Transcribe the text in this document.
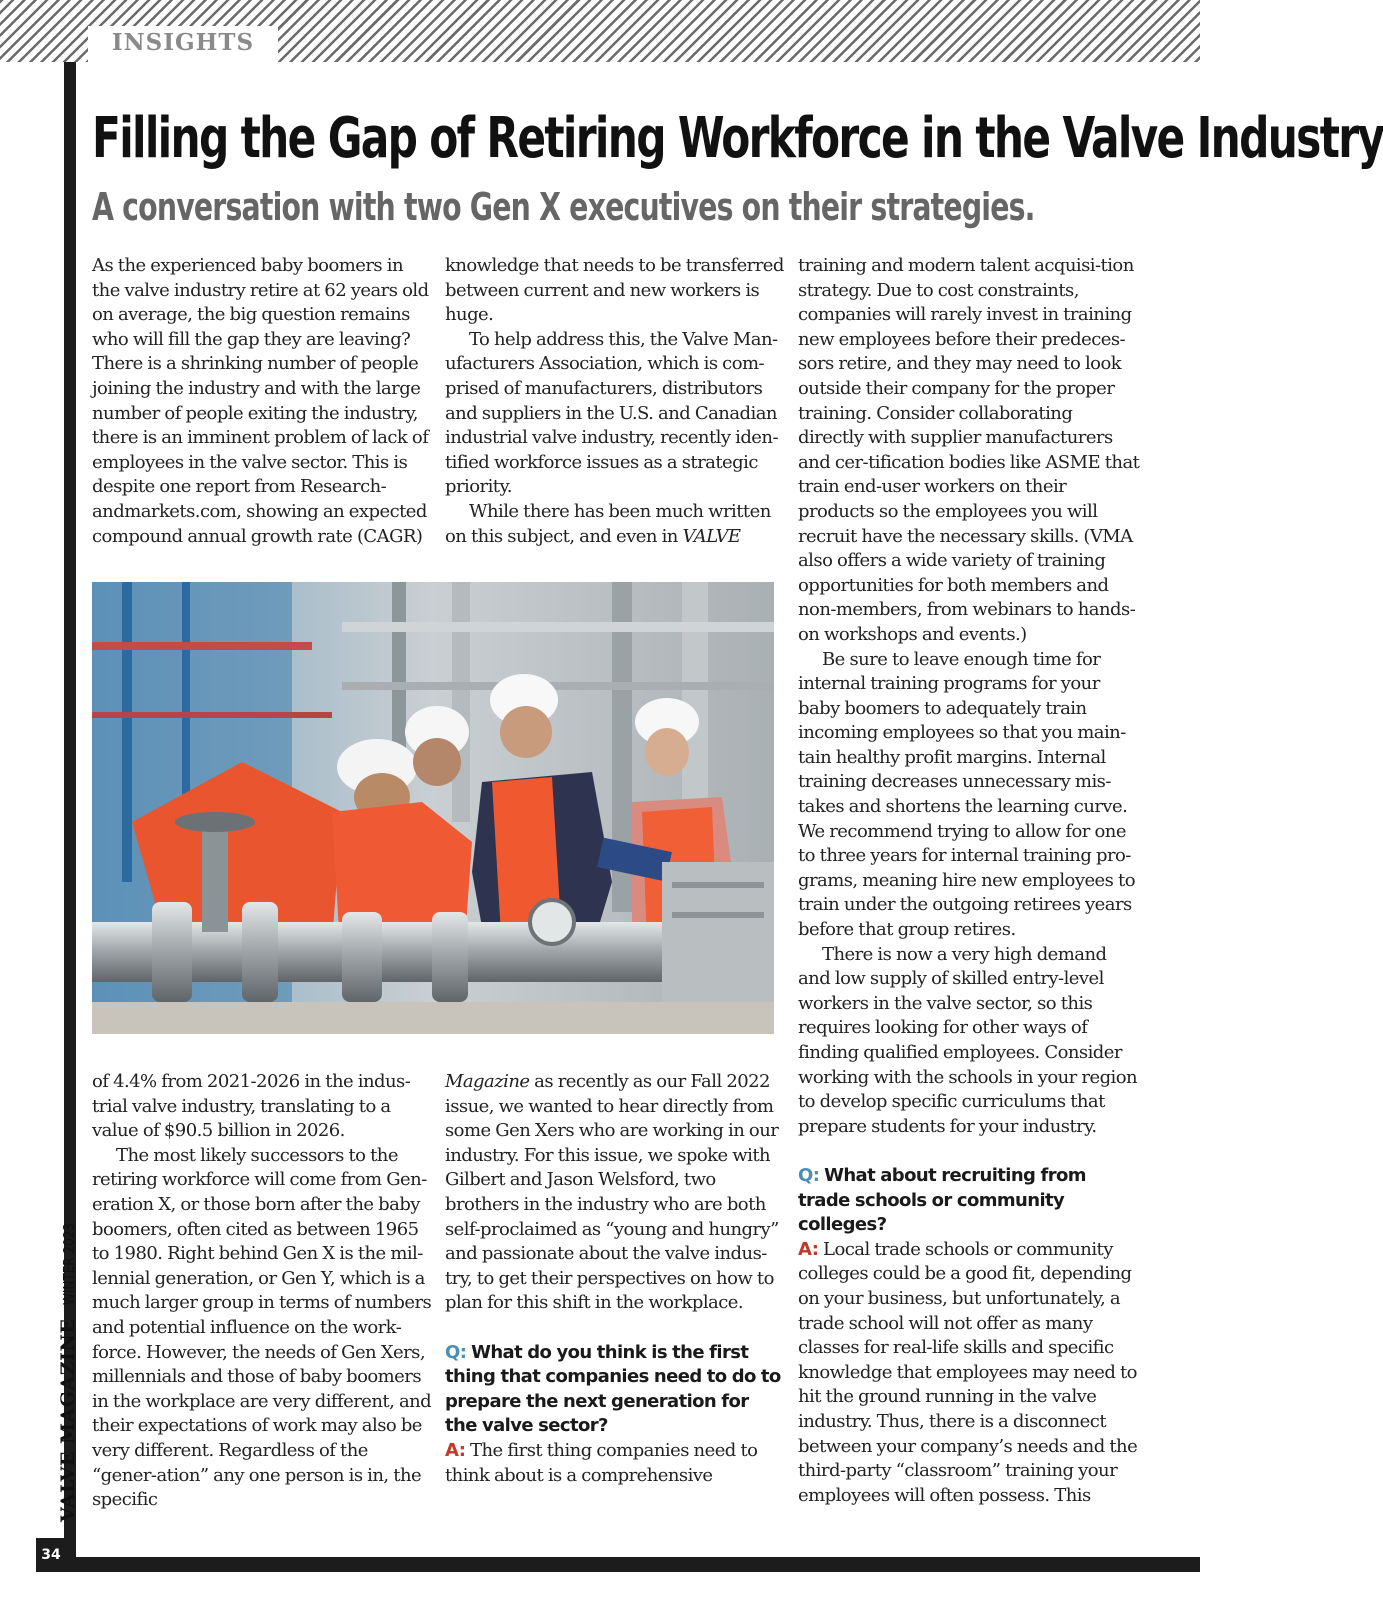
INSIGHTS
34
VALVE MAGAZINEWINTER 2023
Filling the Gap of Retiring Workforce in the Valve Industry
A conversation with two Gen X executives on their strategies.

As the experienced baby boomers in the valve industry retire at 62 years old on average, the big question remains who will fill the gap they are leaving? There is a shrinking number of people joining the industry and with the large number of people exiting the industry, there is an imminent problem of lack of employees in the valve sector. This is despite one report from Research-andmarkets.com, showing an expected compound annual growth rate (CAGR)

knowledge that needs to be transferred between current and new workers is huge.

To help address this, the Valve Man-ufacturers Association, which is com-prised of manufacturers, distributors and suppliers in the U.S. and Canadian industrial valve industry, recently iden-tified workforce issues as a strategic priority.

While there has been much written on this subject, and even in VALVE

of 4.4% from 2021-2026 in the indus-trial valve industry, translating to a value of $90.5 billion in 2026.

The most likely successors to the retiring workforce will come from Gen-eration X, or those born after the baby boomers, often cited as between 1965 to 1980. Right behind Gen X is the mil-lennial generation, or Gen Y, which is a much larger group in terms of numbers and potential influence on the work-force. However, the needs of Gen Xers, millennials and those of baby boomers in the workplace are very different, and their expectations of work may also be very different. Regardless of the “gener-ation” any one person is in, the specific

Magazine as recently as our Fall 2022 issue, we wanted to hear directly from some Gen Xers who are working in our industry. For this issue, we spoke with Gilbert and Jason Welsford, two brothers in the industry who are both self-proclaimed as “young and hungry” and passionate about the valve indus-try, to get their perspectives on how to plan for this shift in the workplace.

Q: What do you think is the first thing that companies need to do to prepare the next generation for the valve sector?

A: The first thing companies need to think about is a comprehensive

training and modern talent acquisi-tion strategy. Due to cost constraints, companies will rarely invest in training new employees before their predeces-sors retire, and they may need to look outside their company for the proper training. Consider collaborating directly with supplier manufacturers and cer-tification bodies like ASME that train end-user workers on their products so the employees you will recruit have the necessary skills. (VMA also offers a wide variety of training opportunities for both members and non-members, from webinars to hands-on workshops and events.)

Be sure to leave enough time for internal training programs for your baby boomers to adequately train incoming employees so that you main-tain healthy profit margins. Internal training decreases unnecessary mis-takes and shortens the learning curve. We recommend trying to allow for one to three years for internal training pro-grams, meaning hire new employees to train under the outgoing retirees years before that group retires.

There is now a very high demand and low supply of skilled entry-level workers in the valve sector, so this requires looking for other ways of finding qualified employees. Consider working with the schools in your region to develop specific curriculums that prepare students for your industry.

Q: What about recruiting from trade schools or community colleges?

A: Local trade schools or community colleges could be a good fit, depending on your business, but unfortunately, a trade school will not offer as many classes for real-life skills and specific knowledge that employees may need to hit the ground running in the valve industry. Thus, there is a disconnect between your company’s needs and the third-party “classroom” training your employees will often possess. This
